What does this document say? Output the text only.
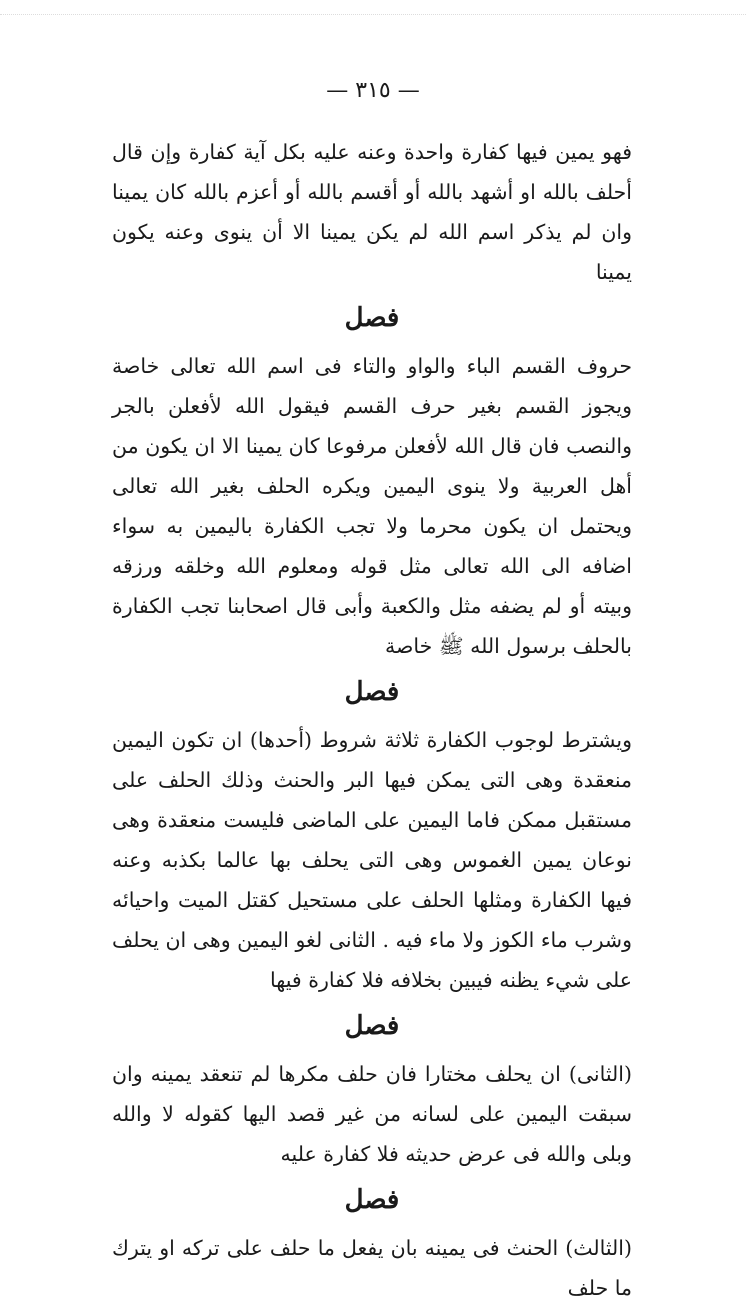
— ٣١٥ —

فهو يمين فيها كفارة واحدة وعنه عليه بكل آية كفارة وإن قال أحلف بالله او أشهد بالله أو أقسم بالله أو أعزم بالله كان يمينا وان لم يذكر اسم الله لم يكن يمينا الا أن ينوى وعنه يكون يمينا

فصل

حروف القسم الباء والواو والتاء فى اسم الله تعالى خاصة ويجوز القسم بغير حرف القسم فيقول الله لأفعلن بالجر والنصب فان قال الله لأفعلن مرفوعا كان يمينا الا ان يكون من أهل العربية ولا ينوى اليمين ويكره الحلف بغير الله تعالى ويحتمل ان يكون محرما ولا تجب الكفارة باليمين به سواء اضافه الى الله تعالى مثل قوله ومعلوم الله وخلقه ورزقه وبيته أو لم يضفه مثل والكعبة وأبى قال اصحابنا تجب الكفارة بالحلف برسول الله ﷺ خاصة

فصل

ويشترط لوجوب الكفارة ثلاثة شروط (أحدها) ان تكون اليمين منعقدة وهى التى يمكن فيها البر والحنث وذلك الحلف على مستقبل ممكن فاما اليمين على الماضى فليست منعقدة وهى نوعان يمين الغموس وهى التى يحلف بها عالما بكذبه وعنه فيها الكفارة ومثلها الحلف على مستحيل كقتل الميت واحيائه وشرب ماء الكوز ولا ماء فيه . الثانى لغو اليمين وهى ان يحلف على شيء يظنه فيبين بخلافه فلا كفارة فيها

فصل

(الثانى) ان يحلف مختارا فان حلف مكرها لم تنعقد يمينه وان سبقت اليمين على لسانه من غير قصد اليها كقوله لا والله وبلى والله فى عرض حديثه فلا كفارة عليه

فصل

(الثالث) الحنث فى يمينه بان يفعل ما حلف على تركه او يترك ما حلف
